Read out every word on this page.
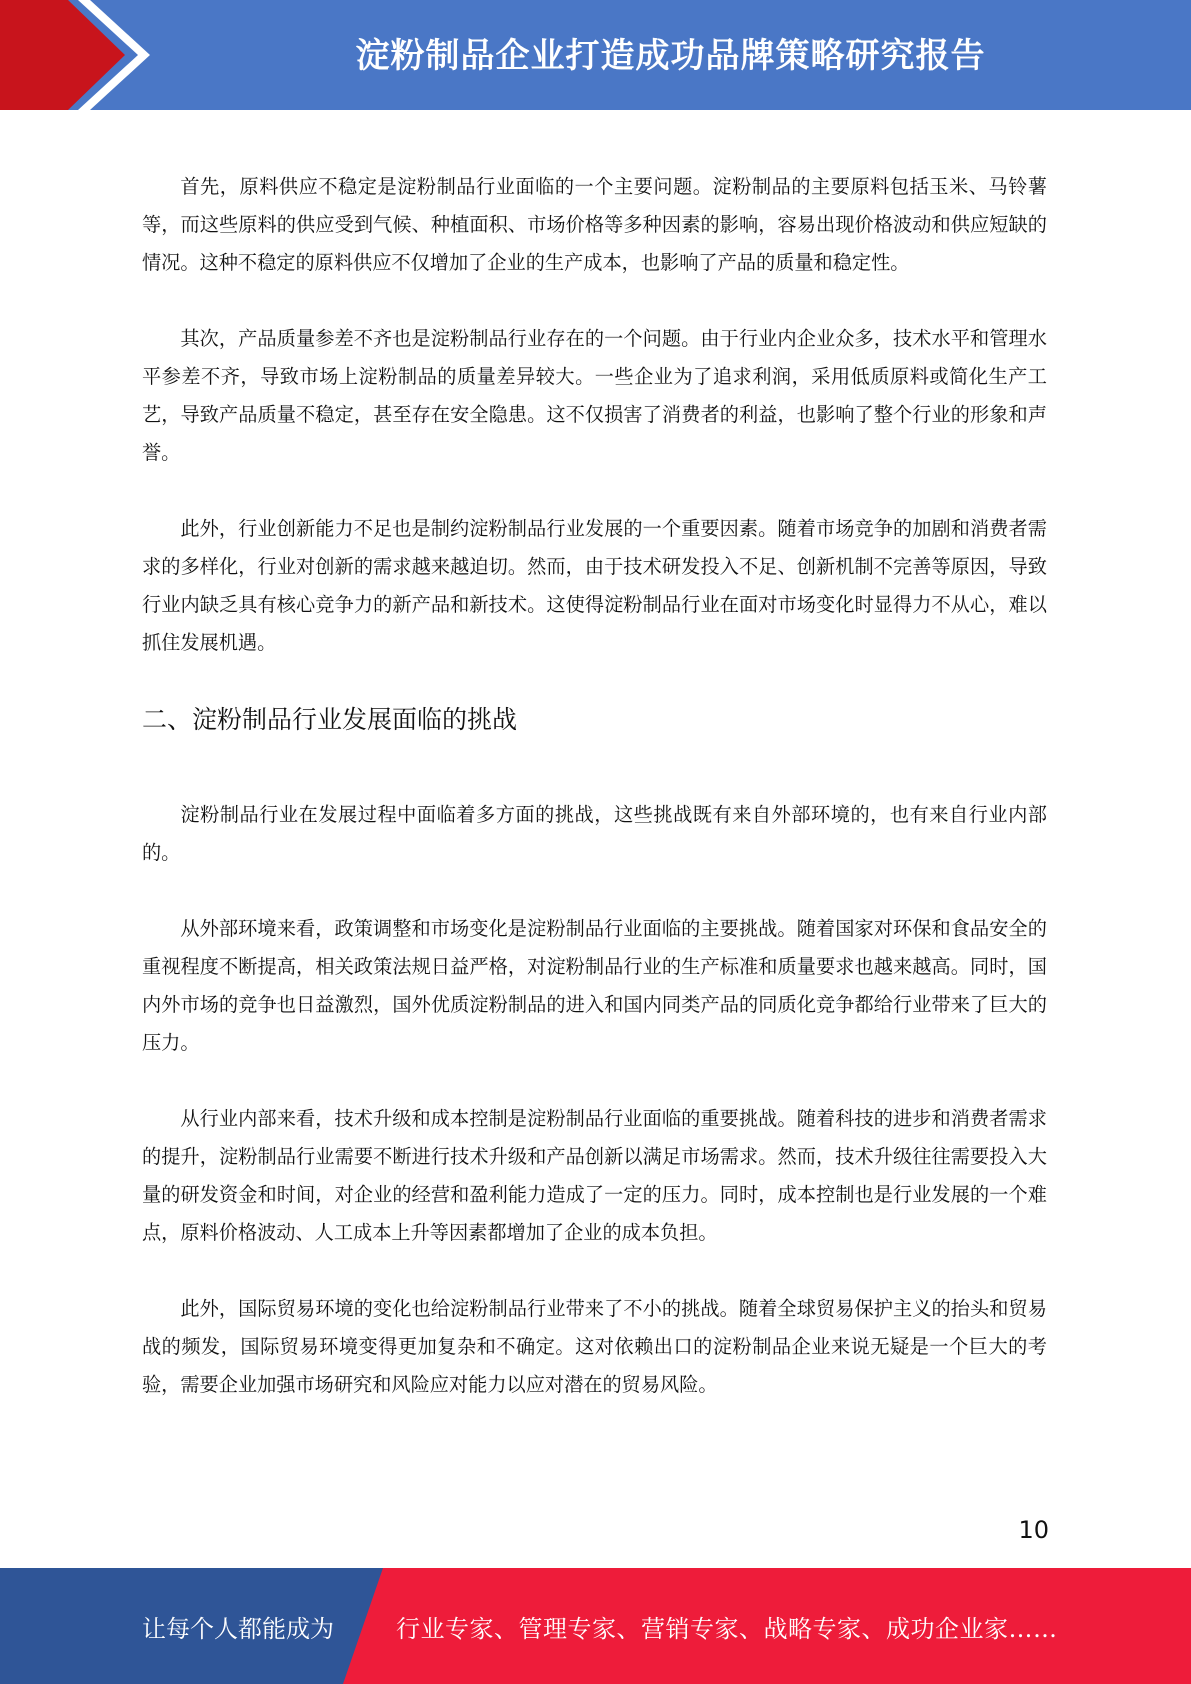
淀粉制品企业打造成功品牌策略研究报告

首先，原料供应不稳定是淀粉制品行业面临的一个主要问题。淀粉制品的主要原料包括玉米、马铃薯等，而这些原料的供应受到气候、种植面积、市场价格等多种因素的影响，容易出现价格波动和供应短缺的情况。这种不稳定的原料供应不仅增加了企业的生产成本，也影响了产品的质量和稳定性。

其次，产品质量参差不齐也是淀粉制品行业存在的一个问题。由于行业内企业众多，技术水平和管理水平参差不齐，导致市场上淀粉制品的质量差异较大。一些企业为了追求利润，采用低质原料或简化生产工艺，导致产品质量不稳定，甚至存在安全隐患。这不仅损害了消费者的利益，也影响了整个行业的形象和声誉。

此外，行业创新能力不足也是制约淀粉制品行业发展的一个重要因素。随着市场竞争的加剧和消费者需求的多样化，行业对创新的需求越来越迫切。然而，由于技术研发投入不足、创新机制不完善等原因，导致行业内缺乏具有核心竞争力的新产品和新技术。这使得淀粉制品行业在面对市场变化时显得力不从心，难以抓住发展机遇。

二、淀粉制品行业发展面临的挑战

淀粉制品行业在发展过程中面临着多方面的挑战，这些挑战既有来自外部环境的，也有来自行业内部的。

从外部环境来看，政策调整和市场变化是淀粉制品行业面临的主要挑战。随着国家对环保和食品安全的重视程度不断提高，相关政策法规日益严格，对淀粉制品行业的生产标准和质量要求也越来越高。同时，国内外市场的竞争也日益激烈，国外优质淀粉制品的进入和国内同类产品的同质化竞争都给行业带来了巨大的压力。

从行业内部来看，技术升级和成本控制是淀粉制品行业面临的重要挑战。随着科技的进步和消费者需求的提升，淀粉制品行业需要不断进行技术升级和产品创新以满足市场需求。然而，技术升级往往需要投入大量的研发资金和时间，对企业的经营和盈利能力造成了一定的压力。同时，成本控制也是行业发展的一个难点，原料价格波动、人工成本上升等因素都增加了企业的成本负担。

此外，国际贸易环境的变化也给淀粉制品行业带来了不小的挑战。随着全球贸易保护主义的抬头和贸易战的频发，国际贸易环境变得更加复杂和不确定。这对依赖出口的淀粉制品企业来说无疑是一个巨大的考验，需要企业加强市场研究和风险应对能力以应对潜在的贸易风险。

10
让每个人都能成为	行业专家、管理专家、营销专家、战略专家、成功企业家……
